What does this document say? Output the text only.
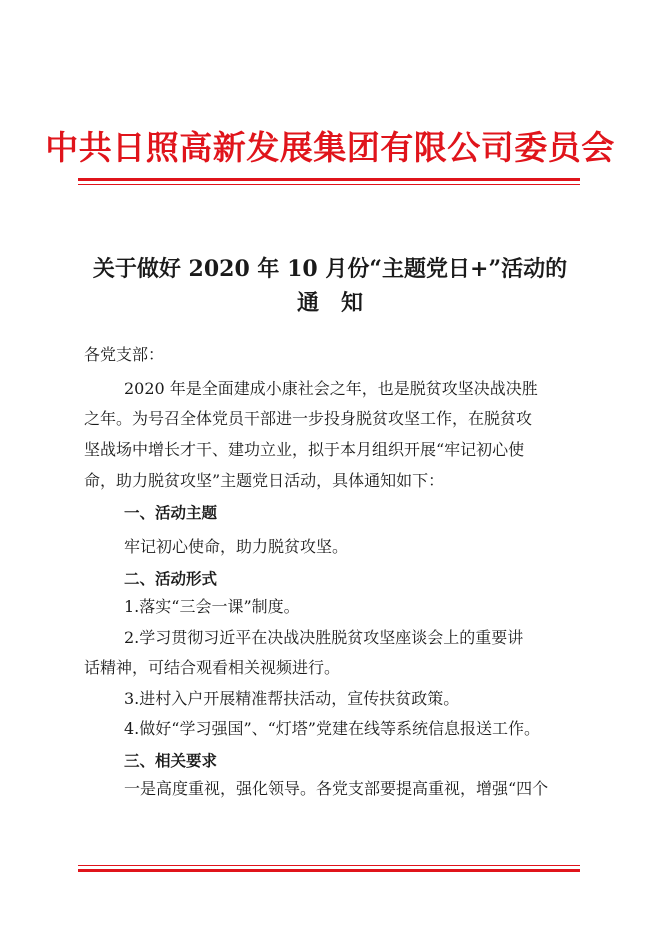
中共日照高新发展集团有限公司委员会
关于做好 2020 年 10 月份“主题党日+”活动的
通　知
各党支部：
2020 年是全面建成小康社会之年，也是脱贫攻坚决战决胜
之年。为号召全体党员干部进一步投身脱贫攻坚工作，在脱贫攻
坚战场中增长才干、建功立业，拟于本月组织开展“牢记初心使
命，助力脱贫攻坚”主题党日活动，具体通知如下：
一、活动主题
牢记初心使命，助力脱贫攻坚。
二、活动形式
1.落实“三会一课”制度。
2.学习贯彻习近平在决战决胜脱贫攻坚座谈会上的重要讲
话精神，可结合观看相关视频进行。
3.进村入户开展精准帮扶活动，宣传扶贫政策。
4.做好“学习强国”、“灯塔”党建在线等系统信息报送工作。
三、相关要求
一是高度重视，强化领导。各党支部要提高重视，增强“四个
